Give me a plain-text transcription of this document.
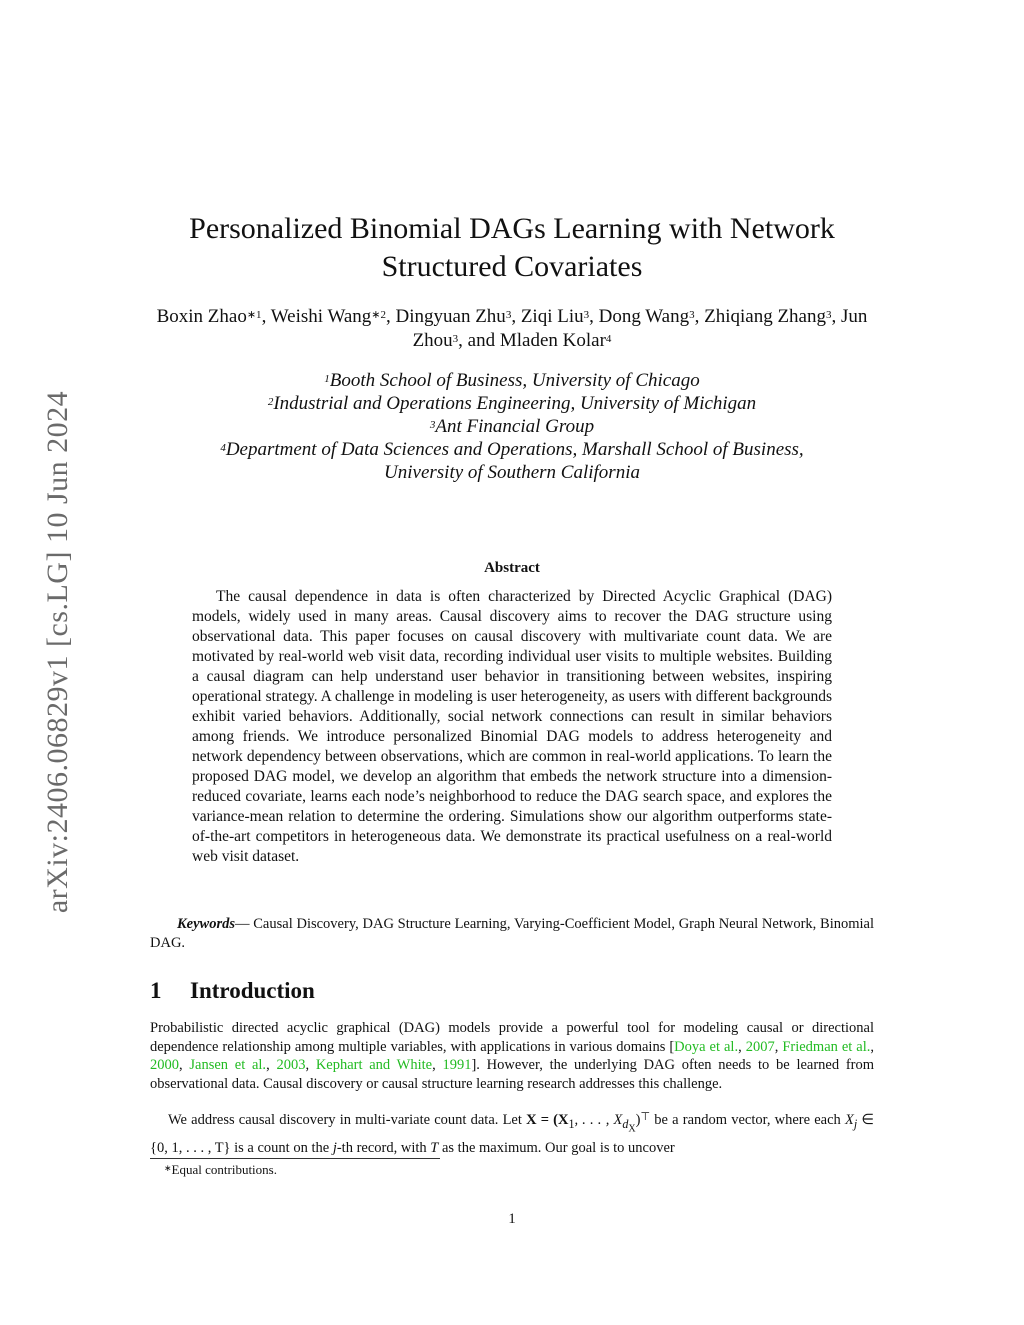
arXiv:2406.06829v1 [cs.LG] 10 Jun 2024
Personalized Binomial DAGs Learning with Network
Structured Covariates
Boxin Zhao$^{∗1}$, Weishi Wang$^{∗2}$, Dingyuan Zhu$^3$, Ziqi Liu$^3$, Dong Wang$^3$, Zhiqiang Zhang$^3$, Jun Zhou$^3$, and Mladen Kolar$^4$
$^1$Booth School of Business, University of Chicago
$^2$Industrial and Operations Engineering, University of Michigan
$^3$Ant Financial Group
$^4$Department of Data Sciences and Operations, Marshall School of Business,
University of Southern California
Abstract

The causal dependence in data is often characterized by Directed Acyclic Graphical (DAG) models, widely used in many areas. Causal discovery aims to recover the DAG structure using observational data. This paper focuses on causal discovery with multivariate count data. We are motivated by real-world web visit data, recording individual user visits to multiple websites. Building a causal diagram can help understand user behavior in transitioning between websites, inspiring operational strategy. A challenge in modeling is user heterogeneity, as users with different backgrounds exhibit varied behaviors. Additionally, social network connections can result in similar behaviors among friends. We introduce personalized Binomial DAG models to address heterogeneity and network dependency between observations, which are common in real-world applications. To learn the proposed DAG model, we develop an algorithm that embeds the network structure into a dimension-reduced covariate, learns each node’s neighborhood to reduce the DAG search space, and explores the variance-mean relation to determine the ordering. Simulations show our algorithm outperforms state-of-the-art competitors in heterogeneous data. We demonstrate its practical usefulness on a real-world web visit dataset.

Keywords— Causal Discovery, DAG Structure Learning, Varying-Coefficient Model, Graph Neural Network, Binomial DAG.

1 Introduction

Probabilistic directed acyclic graphical (DAG) models provide a powerful tool for modeling causal or directional dependence relationship among multiple variables, with applications in various domains [Doya et al., 2007, Friedman et al., 2000, Jansen et al., 2003, Kephart and White, 1991]. However, the underlying DAG often needs to be learned from observational data. Causal discovery or causal structure learning research addresses this challenge.

We address causal discovery in multi-variate count data. Let $X = (X_1$, . . . , $X_{d_X})^⊤$ be a random vector, where each $X_j$ ∈ {0, 1, . . . , T} is a count on the j-th record, with T as the maximum. Our goal is to uncover

∗Equal contributions.
1
